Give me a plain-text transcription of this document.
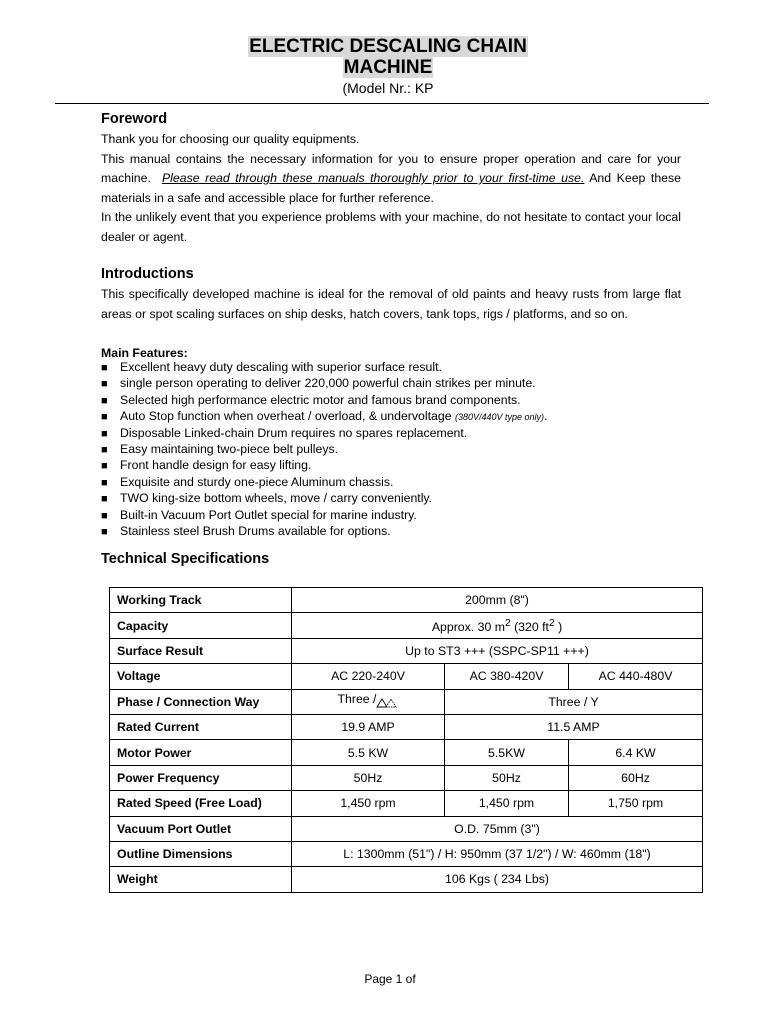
ELECTRIC DESCALING CHAIN
MACHINE
(Model Nr.: KP
Foreword

Thank you for choosing our quality equipments.

This manual contains the necessary information for you to ensure proper operation and care for your machine. Please read through these manuals thoroughly prior to your first-time use. And Keep these materials in a safe and accessible place for further reference.

In the unlikely event that you experience problems with your machine, do not hesitate to contact your local dealer or agent.

Introductions

This specifically developed machine is ideal for the removal of old paints and heavy rusts from large flat areas or spot scaling surfaces on ship desks, hatch covers, tank tops, rigs / platforms, and so on.

Main Features:
■ Excellent heavy duty descaling with superior surface result.
■ single person operating to deliver 220,000 powerful chain strikes per minute.
■ Selected high performance electric motor and famous brand components.
■ Auto Stop function when overheat / overload, & undervoltage (380V/440V type only).
■ Disposable Linked-chain Drum requires no spares replacement.
■ Easy maintaining two-piece belt pulleys.
■ Front handle design for easy lifting.
■ Exquisite and sturdy one-piece Aluminum chassis.
■ TWO king-size bottom wheels, move / carry conveniently.
■ Built-in Vacuum Port Outlet special for marine industry.
■ Stainless steel Brush Drums available for options.
Technical Specifications
Working Track	200mm (8")		
Capacity	Approx. 30 $m^2$ (320 $ft^2$ )		
Surface Result	Up to ST3 +++ (SSPC-SP11 +++)		
Voltage	AC 220-240V	AC 380-420V	AC 440-480V
Phase / Connection Way	Three /	Three / Y	
Rated Current	19.9 AMP	11.5 AMP	
Motor Power	5.5 KW	5.5KW	6.4 KW
Power Frequency	50Hz	50Hz	60Hz
Rated Speed (Free Load)	1,450 rpm	1,450 rpm	1,750 rpm
Vacuum Port Outlet	O.D. 75mm (3")		
Outline Dimensions	L: 1300mm (51") / H: 950mm (37 1/2") / W: 460mm (18")		
Weight	106 Kgs ( 234 Lbs)		
Page 1 of
